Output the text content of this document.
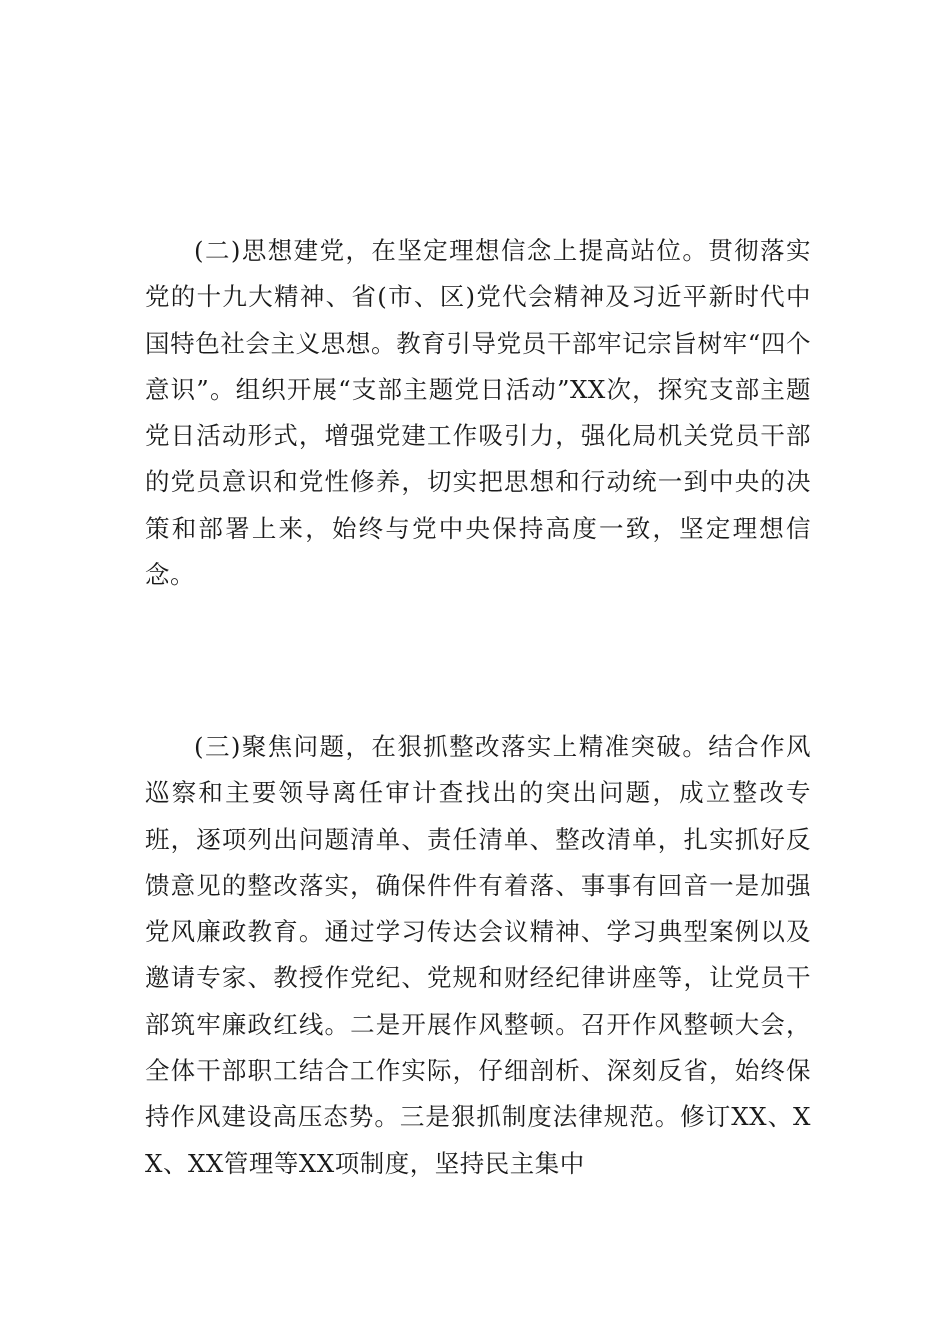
(二)思想建党，在坚定理想信念上提高站位。贯彻落实党的十九大精神、省(市、区)党代会精神及习近平新时代中国特色社会主义思想。教育引导党员干部牢记宗旨树牢“四个意识”。组织开展“支部主题党日活动”XX次，探究支部主题党日活动形式，增强党建工作吸引力，强化局机关党员干部的党员意识和党性修养，切实把思想和行动统一到中央的决策和部署上来，始终与党中央保持高度一致，坚定理想信念。

(三)聚焦问题，在狠抓整改落实上精准突破。结合作风巡察和主要领导离任审计查找出的突出问题，成立整改专班，逐项列出问题清单、责任清单、整改清单，扎实抓好反馈意见的整改落实，确保件件有着落、事事有回音一是加强党风廉政教育。通过学习传达会议精神、学习典型案例以及邀请专家、教授作党纪、党规和财经纪律讲座等，让党员干部筑牢廉政红线。二是开展作风整顿。召开作风整顿大会，全体干部职工结合工作实际，仔细剖析、深刻反省，始终保持作风建设高压态势。三是狠抓制度法律规范。修订XX、XX、XX管理等XX项制度，坚持民主集中
